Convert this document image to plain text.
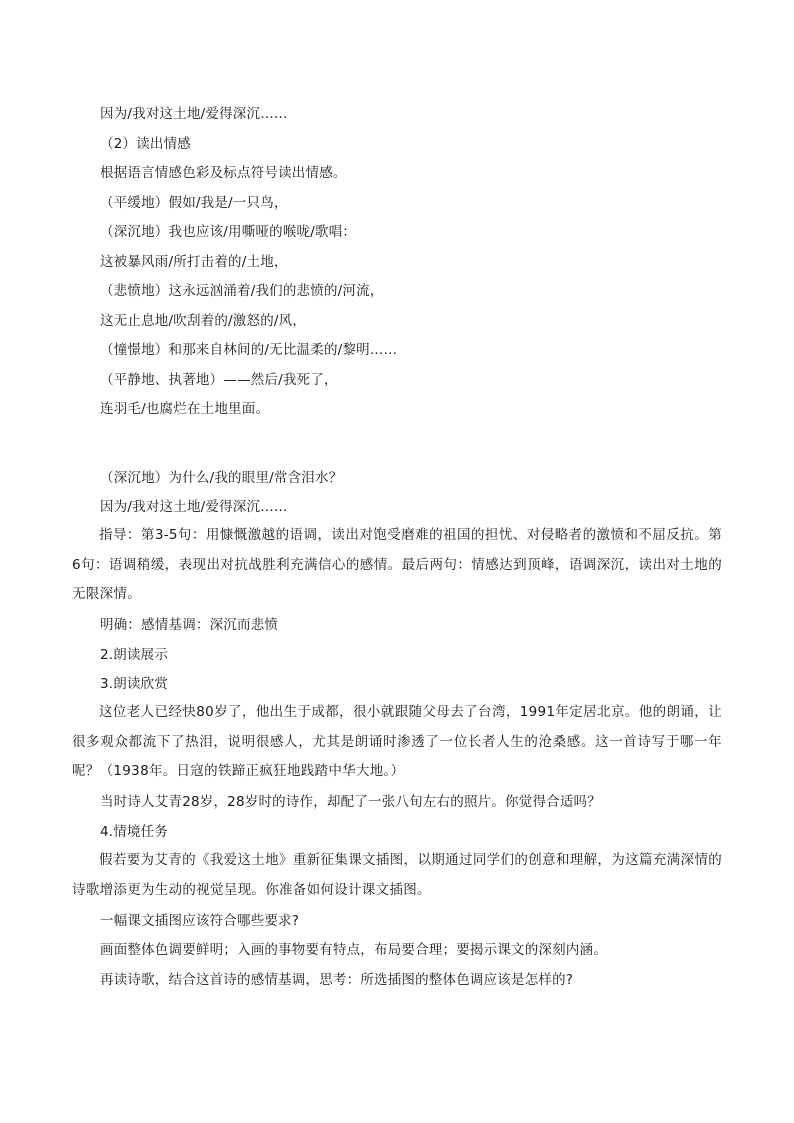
因为/我对这土地/爱得深沉……
（2）读出情感
根据语言情感色彩及标点符号读出情感。
（平缓地）假如/我是/一只鸟，
（深沉地）我也应该/用嘶哑的喉咙/歌唱：
这被暴风雨/所打击着的/土地，
（悲愤地）这永远汹涌着/我们的悲愤的/河流，
这无止息地/吹刮着的/激怒的/风，
（憧憬地）和那来自林间的/无比温柔的/黎明……
（平静地、执著地）——然后/我死了，
连羽毛/也腐烂在土地里面。
（深沉地）为什么/我的眼里/常含泪水？
因为/我对这土地/爱得深沉……
指导：第3-5句：用慷慨激越的语调，读出对饱受磨难的祖国的担忧、对侵略者的激愤和不屈反抗。第6句：语调稍缓，表现出对抗战胜利充满信心的感情。最后两句：情感达到顶峰，语调深沉，读出对土地的无限深情。
明确：感情基调：深沉而悲愤
2.朗读展示
3.朗读欣赏
这位老人已经快80岁了，他出生于成都，很小就跟随父母去了台湾，1991年定居北京。他的朗诵，让很多观众都流下了热泪，说明很感人，尤其是朗诵时渗透了一位长者人生的沧桑感。这一首诗写于哪一年呢？（1938年。日寇的铁蹄正疯狂地践踏中华大地。）
当时诗人艾青28岁，28岁时的诗作，却配了一张八旬左右的照片。你觉得合适吗？
4.情境任务
假若要为艾青的《我爱这土地》重新征集课文插图，以期通过同学们的创意和理解，为这篇充满深情的诗歌增添更为生动的视觉呈现。你准备如何设计课文插图。
一幅课文插图应该符合哪些要求?
画面整体色调要鲜明；入画的事物要有特点，布局要合理；要揭示课文的深刻内涵。
再读诗歌，结合这首诗的感情基调，思考：所选插图的整体色调应该是怎样的?
